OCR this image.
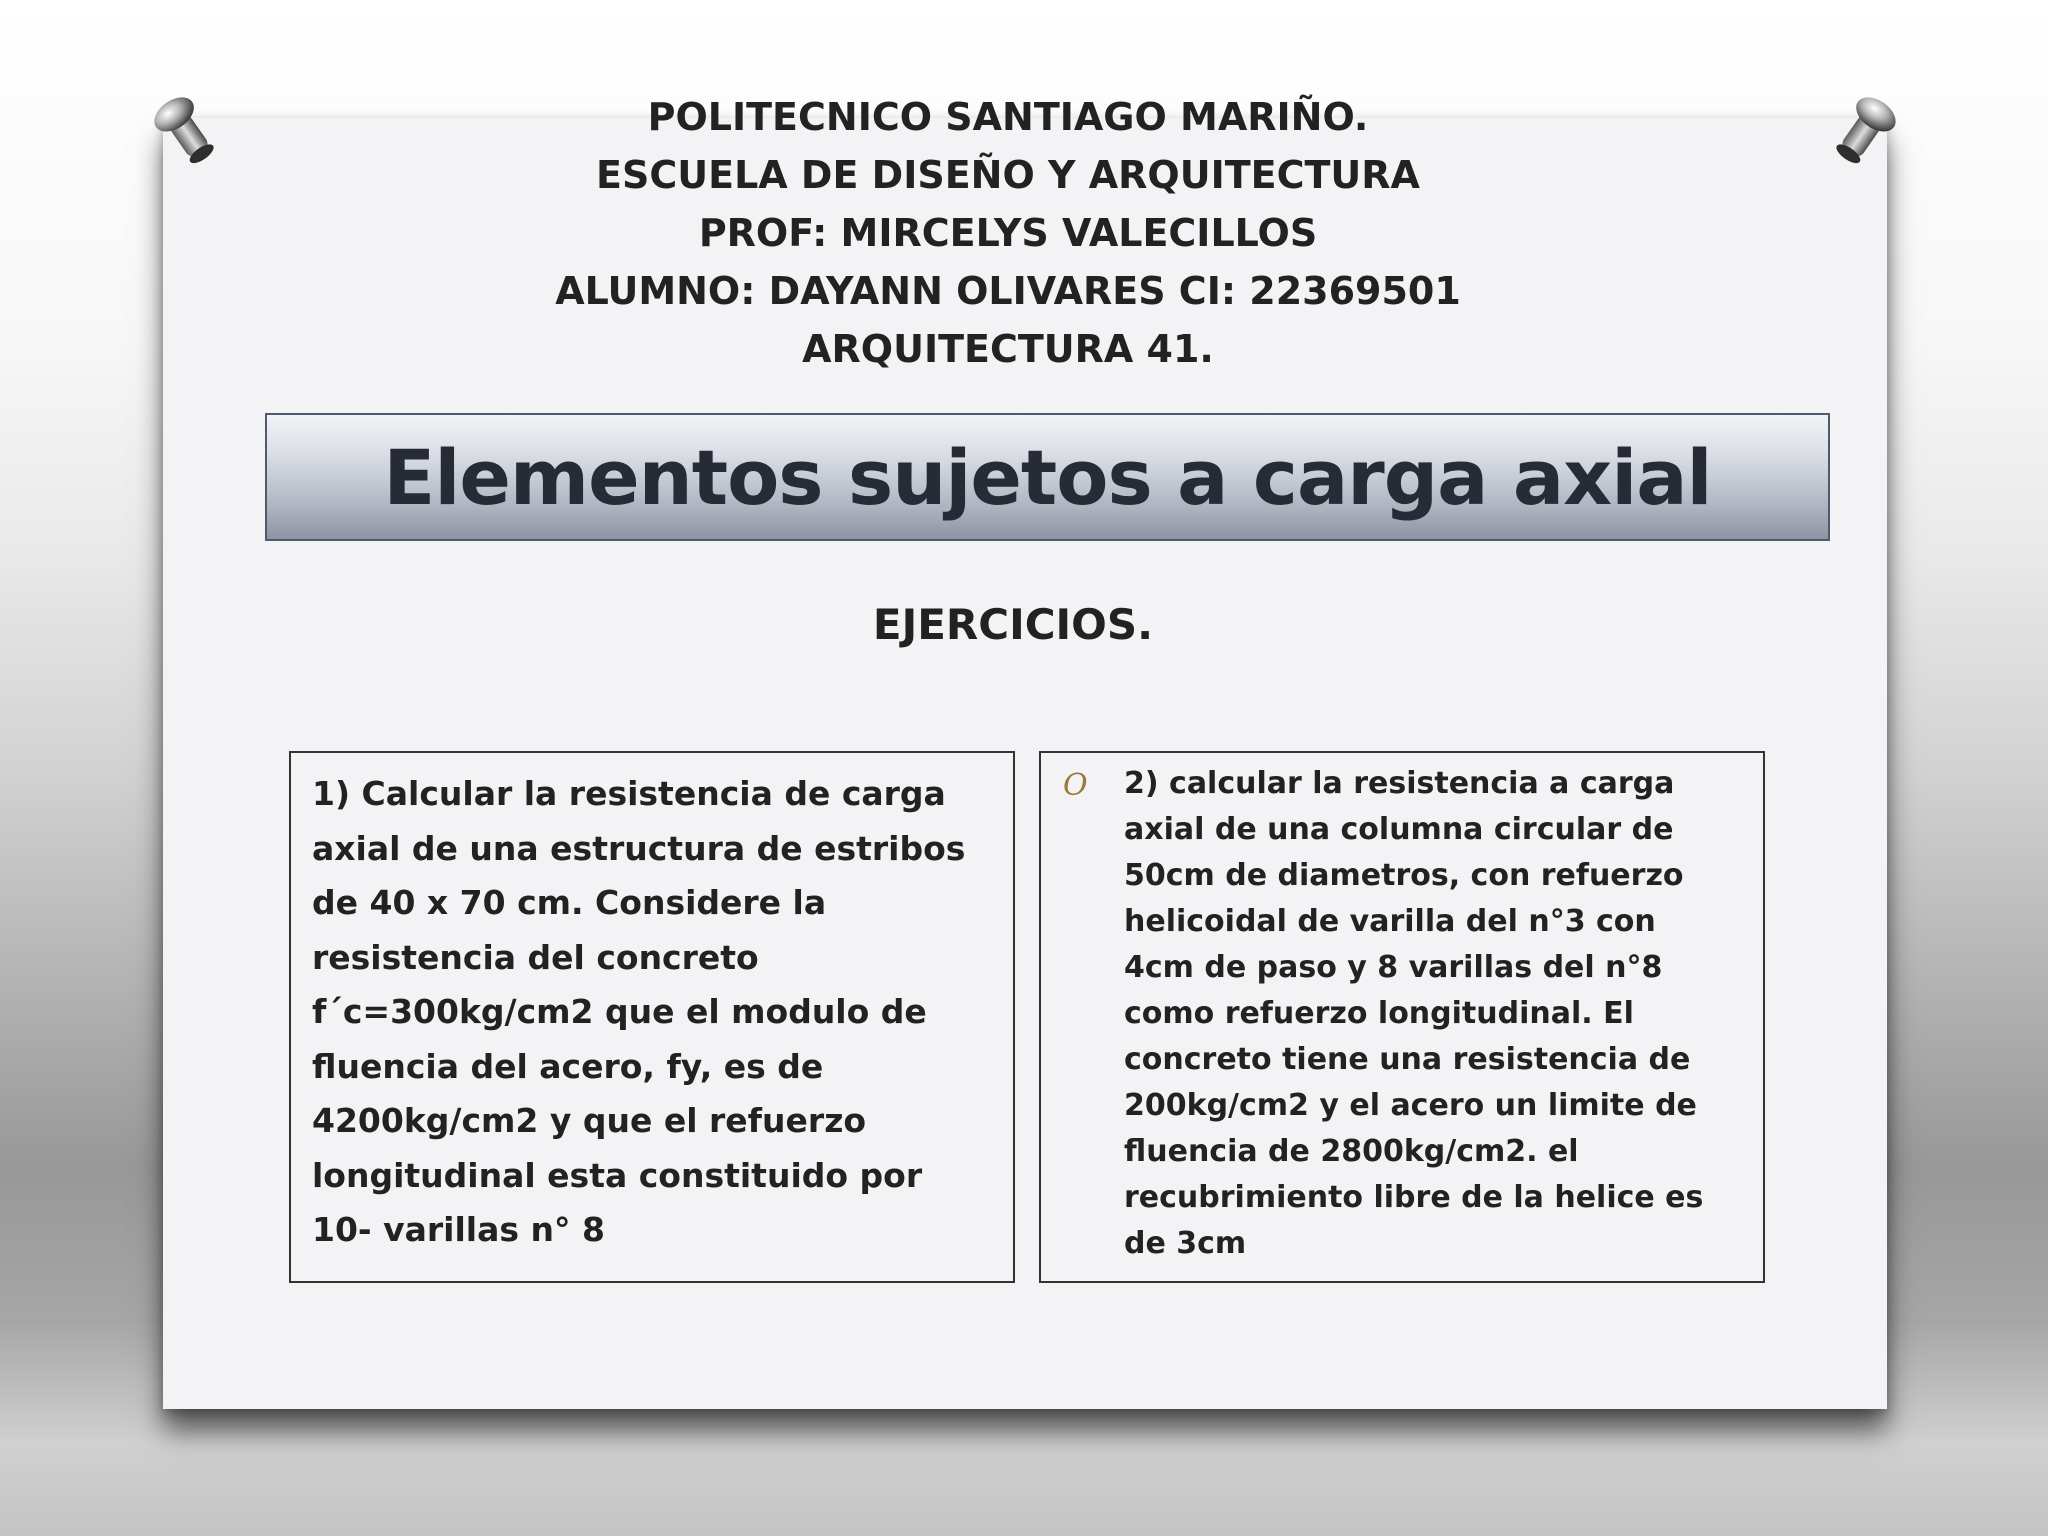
POLITECNICO SANTIAGO MARIÑO.
ESCUELA DE DISEÑO Y ARQUITECTURA
PROF: MIRCELYS VALECILLOS
ALUMNO: DAYANN OLIVARES CI: 22369501
ARQUITECTURA 41.
Elementos sujetos a carga axial
EJERCICIOS.
1) Calcular la resistencia de carga
axial de una estructura de estribos
de 40 x 70 cm. Considere la
resistencia del concreto
f´c=300kg/cm2 que el modulo de
fluencia del acero, fy, es de
4200kg/cm2 y que el refuerzo
longitudinal esta constituido por
10- varillas n° 8
O 2) calcular la resistencia a carga
axial de una columna circular de
50cm de diametros, con refuerzo
helicoidal de varilla del n°3 con
4cm de paso y 8 varillas del n°8
como refuerzo longitudinal. El
concreto tiene una resistencia de
200kg/cm2 y el acero un limite de
fluencia de 2800kg/cm2. el
recubrimiento libre de la helice es
de 3cm
